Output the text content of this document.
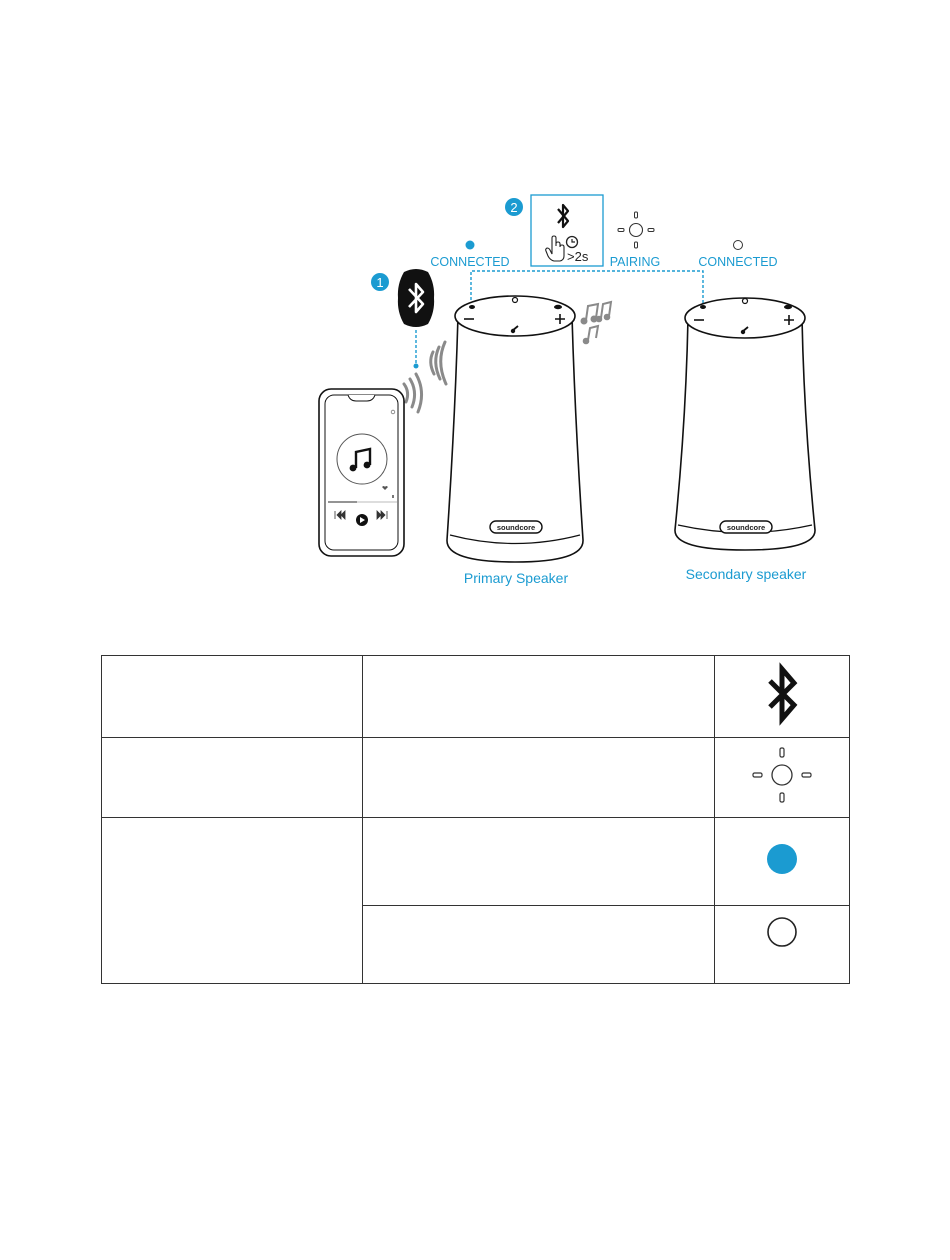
2
>2s
CONNECTED	PAIRING	CONNECTED
1
soundcore
Primary Speaker
soundcore
Secondary speaker
